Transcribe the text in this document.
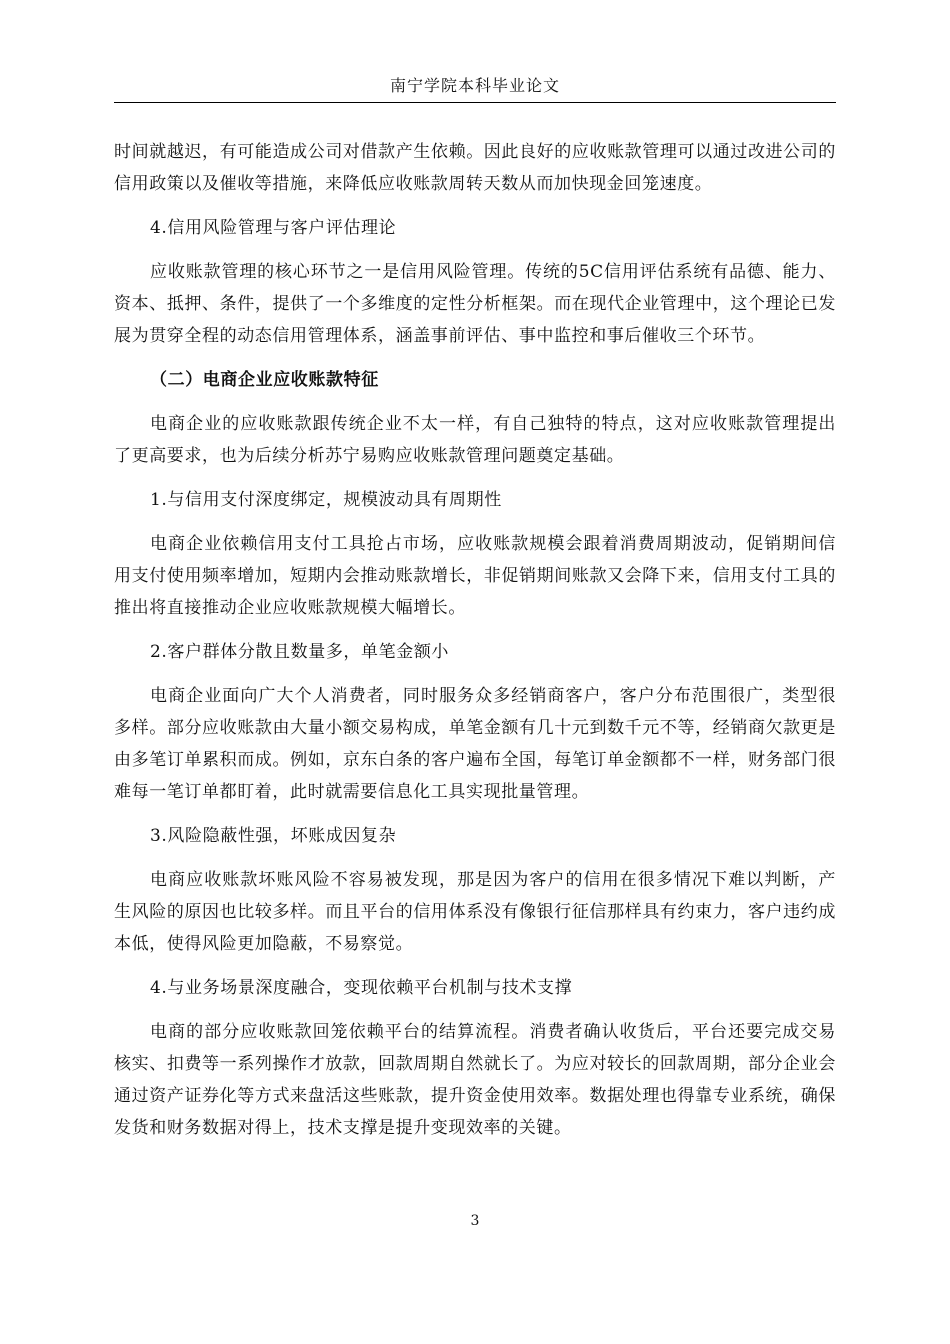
南宁学院本科毕业论文

时间就越迟，有可能造成公司对借款产生依赖。因此良好的应收账款管理可以通过改进公司的信用政策以及催收等措施，来降低应收账款周转天数从而加快现金回笼速度。

4.信用风险管理与客户评估理论

应收账款管理的核心环节之一是信用风险管理。传统的5C信用评估系统有品德、能力、资本、抵押、条件，提供了一个多维度的定性分析框架。而在现代企业管理中，这个理论已发展为贯穿全程的动态信用管理体系，涵盖事前评估、事中监控和事后催收三个环节。

（二）电商企业应收账款特征

电商企业的应收账款跟传统企业不太一样，有自己独特的特点，这对应收账款管理提出了更高要求，也为后续分析苏宁易购应收账款管理问题奠定基础。

1.与信用支付深度绑定，规模波动具有周期性

电商企业依赖信用支付工具抢占市场，应收账款规模会跟着消费周期波动，促销期间信用支付使用频率增加，短期内会推动账款增长，非促销期间账款又会降下来，信用支付工具的推出将直接推动企业应收账款规模大幅增长。

2.客户群体分散且数量多，单笔金额小

电商企业面向广大个人消费者，同时服务众多经销商客户，客户分布范围很广，类型很多样。部分应收账款由大量小额交易构成，单笔金额有几十元到数千元不等，经销商欠款更是由多笔订单累积而成。例如，京东白条的客户遍布全国，每笔订单金额都不一样，财务部门很难每一笔订单都盯着，此时就需要信息化工具实现批量管理。

3.风险隐蔽性强，坏账成因复杂

电商应收账款坏账风险不容易被发现，那是因为客户的信用在很多情况下难以判断，产生风险的原因也比较多样。而且平台的信用体系没有像银行征信那样具有约束力，客户违约成本低，使得风险更加隐蔽，不易察觉。

4.与业务场景深度融合，变现依赖平台机制与技术支撑

电商的部分应收账款回笼依赖平台的结算流程。消费者确认收货后，平台还要完成交易核实、扣费等一系列操作才放款，回款周期自然就长了。为应对较长的回款周期，部分企业会通过资产证券化等方式来盘活这些账款，提升资金使用效率。数据处理也得靠专业系统，确保发货和财务数据对得上，技术支撑是提升变现效率的关键。

3
